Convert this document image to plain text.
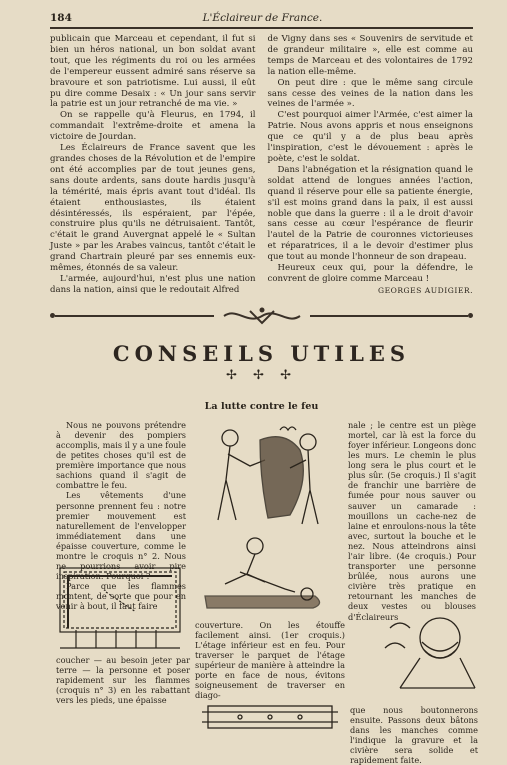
184	L'Éclaireur de France.

publicain que Marceau et cependant, il fut si bien un héros national, un bon soldat avant tout, que les régiments du roi ou les armées de l'empereur eussent admiré sans réserve sa bravoure et son patriotisme. Lui aussi, il eût pu dire comme Desaix : « Un jour sans servir la patrie est un jour retranché de ma vie. »

On se rappelle qu'à Fleurus, en 1794, il commandait l'extrême-droite et amena la victoire de Jourdan.

Les Éclaireurs de France savent que les grandes choses de la Révolution et de l'empire ont été accomplies par de tout jeunes gens, sans doute ardents, sans doute hardis jusqu'à la témérité, mais épris avant tout d'idéal. Ils étaient enthousiastes, ils étaient désintéressés, ils espéraient, par l'épée, construire plus qu'ils ne détruisaient. Tantôt, c'était le grand Auvergnat appelé le « Sultan Juste » par les Arabes vaincus, tantôt c'était le grand Chartrain pleuré par ses ennemis eux-mêmes, étonnés de sa valeur.

L'armée, aujourd'hui, n'est plus une nation dans la nation, ainsi que le redoutait Alfred

de Vigny dans ses « Souvenirs de servitude et de grandeur militaire », elle est comme au temps de Marceau et des volontaires de 1792 la nation elle-même.

On peut dire : que le même sang circule sans cesse des veines de la nation dans les veines de l'armée ».

C'est pourquoi aimer l'Armée, c'est aimer la Patrie. Nous avons appris et nous enseignons que ce qu'il y a de plus beau après l'inspiration, c'est le dévouement : après le poète, c'est le soldat.

Dans l'abnégation et la résignation quand le soldat attend de longues années l'action, quand il réserve pour elle sa patiente énergie, s'il est moins grand dans la paix, il est aussi noble que dans la guerre : il a le droit d'avoir sans cesse au cœur l'espérance de fleurir l'autel de la Patrie de couronnes victorieuses et réparatrices, il a le devoir d'estimer plus que tout au monde l'honneur de son drapeau.

Heureux ceux qui, pour la défendre, le convrent de gloire comme Marceau !

GEORGES AUDIGIER.
CONSEILS UTILES
✢ ✢ ✢
La lutte contre le feu

Nous ne pouvons prétendre à devenir des pompiers accomplis, mais il y a une foule de petites choses qu'il est de première importance que nous sachions quand il s'agit de combattre le feu.

Les vêtements d'une personne prennent feu : notre premier mouvement est naturellement de l'envelopper immédiatement dans une épaisse couverture, comme le montre le croquis n° 2. Nous ne pourrions avoir pire inspiration. Pourquoi ?

Parce que les flammes montent, de sorte que pour en venir à bout, il faut faire

nale ; le centre est un piège mortel, car là est la force du foyer inférieur. Longeons donc les murs. Le chemin le plus long sera le plus court et le plus sûr. (5e croquis.) Il s'agit de franchir une barrière de fumée pour nous sauver ou sauver un camarade : mouillons un cache-nez de laine et enroulons-nous la tête avec, surtout la bouche et le nez. Nous atteindrons ainsi l'air libre. (4e croquis.) Pour transporter une personne brûlée, nous aurons une civière très pratique en retournant les manches de deux vestes ou blouses d'Éclaireurs

couverture. On les étouffe facilement ainsi. (1er croquis.) L'étage inférieur est en feu. Pour traverser le parquet de l'étage supérieur de manière à atteindre la porte en face de nous, évitons soigneusement de traverser en diago-

coucher — au besoin jeter par terre — la personne et poser rapidement sur les flammes (croquis n° 3) en les rabattant vers les pieds, une épaisse

que nous boutonnerons ensuite. Passons deux bâtons dans les manches comme l'indique la gravure et la civière sera solide et rapidement faite.
